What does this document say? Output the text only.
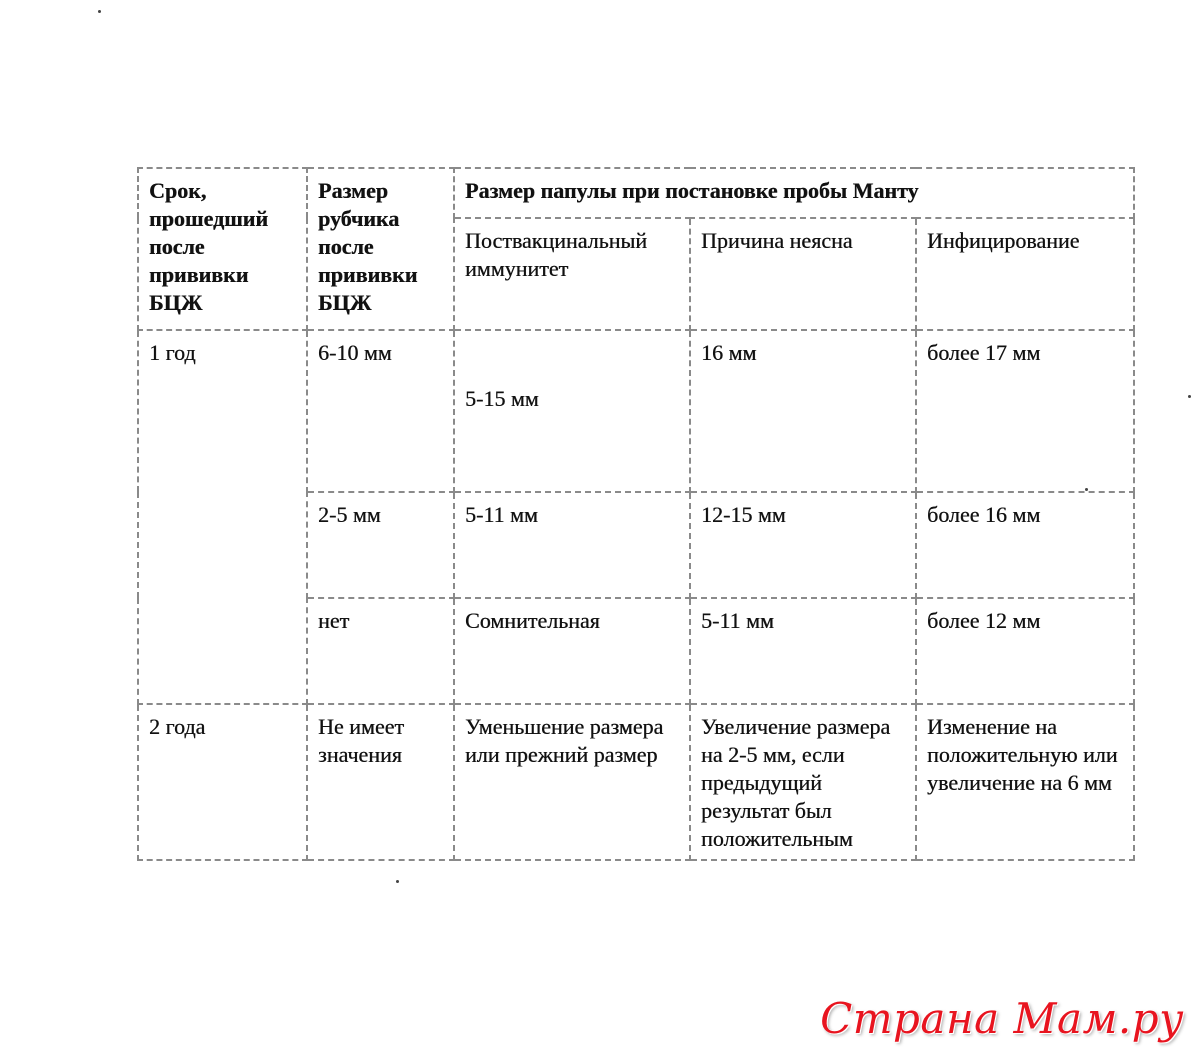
Срок, прошедший после прививки БЦЖ	Размер рубчика после прививки БЦЖ	Размер папулы при постановке пробы Манту		
		Поствакцинальный иммунитет	Причина неясна	Инфицирование
1 год	6-10 мм	5-15 мм	16 мм	более 17 мм
	2-5 мм	5-11 мм	12-15 мм	более 16 мм
	нет	Сомнительная	5-11 мм	более 12 мм
2 года	Не имеет значения	Уменьшение размера или прежний размер	Увеличение размера на 2-5 мм, если предыдущий результат был положительным	Изменение на положительную или увеличение на 6 мм
Страна Мам.ру
